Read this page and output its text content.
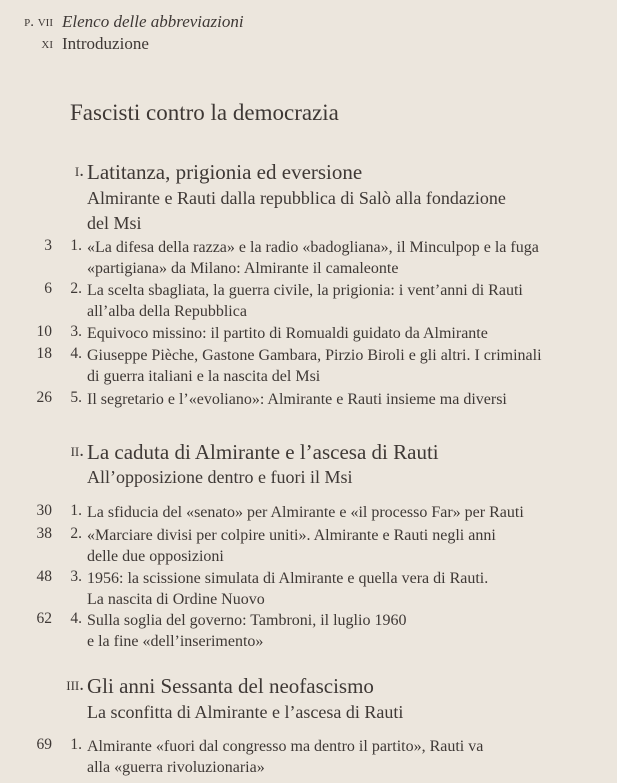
p. vii Elenco delle abbreviazioni
xi Introduzione
Fascisti contro la democrazia
i. Latitanza, prigionia ed eversione
Almirante e Rauti dalla repubblica di Salò alla fondazione
del Msi
3	1. «La difesa della razza» e la radio «badogliana», il Minculpop e la fuga
«partigiana» da Milano: Almirante il camaleonte
6	2. La scelta sbagliata, la guerra civile, la prigionia: i vent’anni di Rauti
all’alba della Repubblica
10	3. Equivoco missino: il partito di Romualdi guidato da Almirante
18	4. Giuseppe Pièche, Gastone Gambara, Pirzio Biroli e gli altri. I criminali
di guerra italiani e la nascita del Msi
26	5. Il segretario e l’«evoliano»: Almirante e Rauti insieme ma diversi
ii. La caduta di Almirante e l’ascesa di Rauti
All’opposizione dentro e fuori il Msi
30	1. La sfiducia del «senato» per Almirante e «il processo Far» per Rauti
38	2. «Marciare divisi per colpire uniti». Almirante e Rauti negli anni
delle due opposizioni
48	3. 1956: la scissione simulata di Almirante e quella vera di Rauti.
La nascita di Ordine Nuovo
62	4. Sulla soglia del governo: Tambroni, il luglio 1960
e la fine «dell’inserimento»
iii. Gli anni Sessanta del neofascismo
La sconfitta di Almirante e l’ascesa di Rauti
69	1. Almirante «fuori dal congresso ma dentro il partito», Rauti va
alla «guerra rivoluzionaria»
